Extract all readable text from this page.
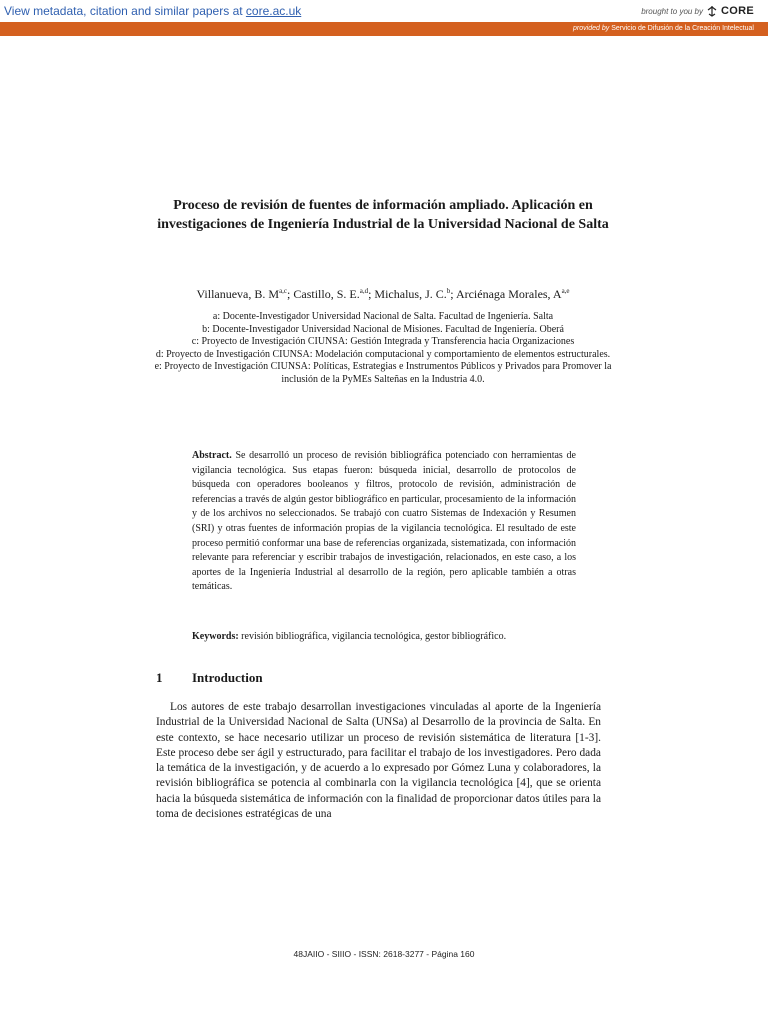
View metadata, citation and similar papers at core.ac.uk	brought to you by CORE
provided by Servicio de Difusión de la Creación Intelectual
Proceso de revisión de fuentes de información ampliado. Aplicación en investigaciones de Ingeniería Industrial de la Universidad Nacional de Salta
Villanueva, B. M$^{a,c}$; Castillo, S. E.$^{a,d}$; Michalus, J. C.$^b$; Arciénaga Morales, A$^{a,e}$
a: Docente-Investigador Universidad Nacional de Salta. Facultad de Ingeniería. Salta
b: Docente-Investigador Universidad Nacional de Misiones. Facultad de Ingeniería. Oberá
c: Proyecto de Investigación CIUNSA: Gestión Integrada y Transferencia hacia Organizaciones
d: Proyecto de Investigación CIUNSA: Modelación computacional y comportamiento de elementos estructurales.
e: Proyecto de Investigación CIUNSA: Políticas, Estrategias e Instrumentos Públicos y Privados para Promover la inclusión de la PyMEs Salteñas en la Industria 4.0.
Abstract. Se desarrolló un proceso de revisión bibliográfica potenciado con herramientas de vigilancia tecnológica. Sus etapas fueron: búsqueda inicial, desarrollo de protocolos de búsqueda con operadores booleanos y filtros, protocolo de revisión, administración de referencias a través de algún gestor bibliográfico en particular, procesamiento de la información y de los archivos no seleccionados. Se trabajó con cuatro Sistemas de Indexación y Resumen (SRI) y otras fuentes de información propias de la vigilancia tecnológica. El resultado de este proceso permitió conformar una base de referencias organizada, sistematizada, con información relevante para referenciar y escribir trabajos de investigación, relacionados, en este caso, a los aportes de la Ingeniería Industrial al desarrollo de la región, pero aplicable también a otras temáticas.
Keywords: revisión bibliográfica, vigilancia tecnológica, gestor bibliográfico.
1 Introduction
Los autores de este trabajo desarrollan investigaciones vinculadas al aporte de la Ingeniería Industrial de la Universidad Nacional de Salta (UNSa) al Desarrollo de la provincia de Salta. En este contexto, se hace necesario utilizar un proceso de revisión sistemática de literatura [1-3]. Este proceso debe ser ágil y estructurado, para facilitar el trabajo de los investigadores. Pero dada la temática de la investigación, y de acuerdo a lo expresado por Gómez Luna y colaboradores, la revisión bibliográfica se potencia al combinarla con la vigilancia tecnológica [4], que se orienta hacia la búsqueda sistemática de información con la finalidad de proporcionar datos útiles para la toma de decisiones estratégicas de una
48JAIIO - SIIIO - ISSN: 2618-3277 - Página 160
